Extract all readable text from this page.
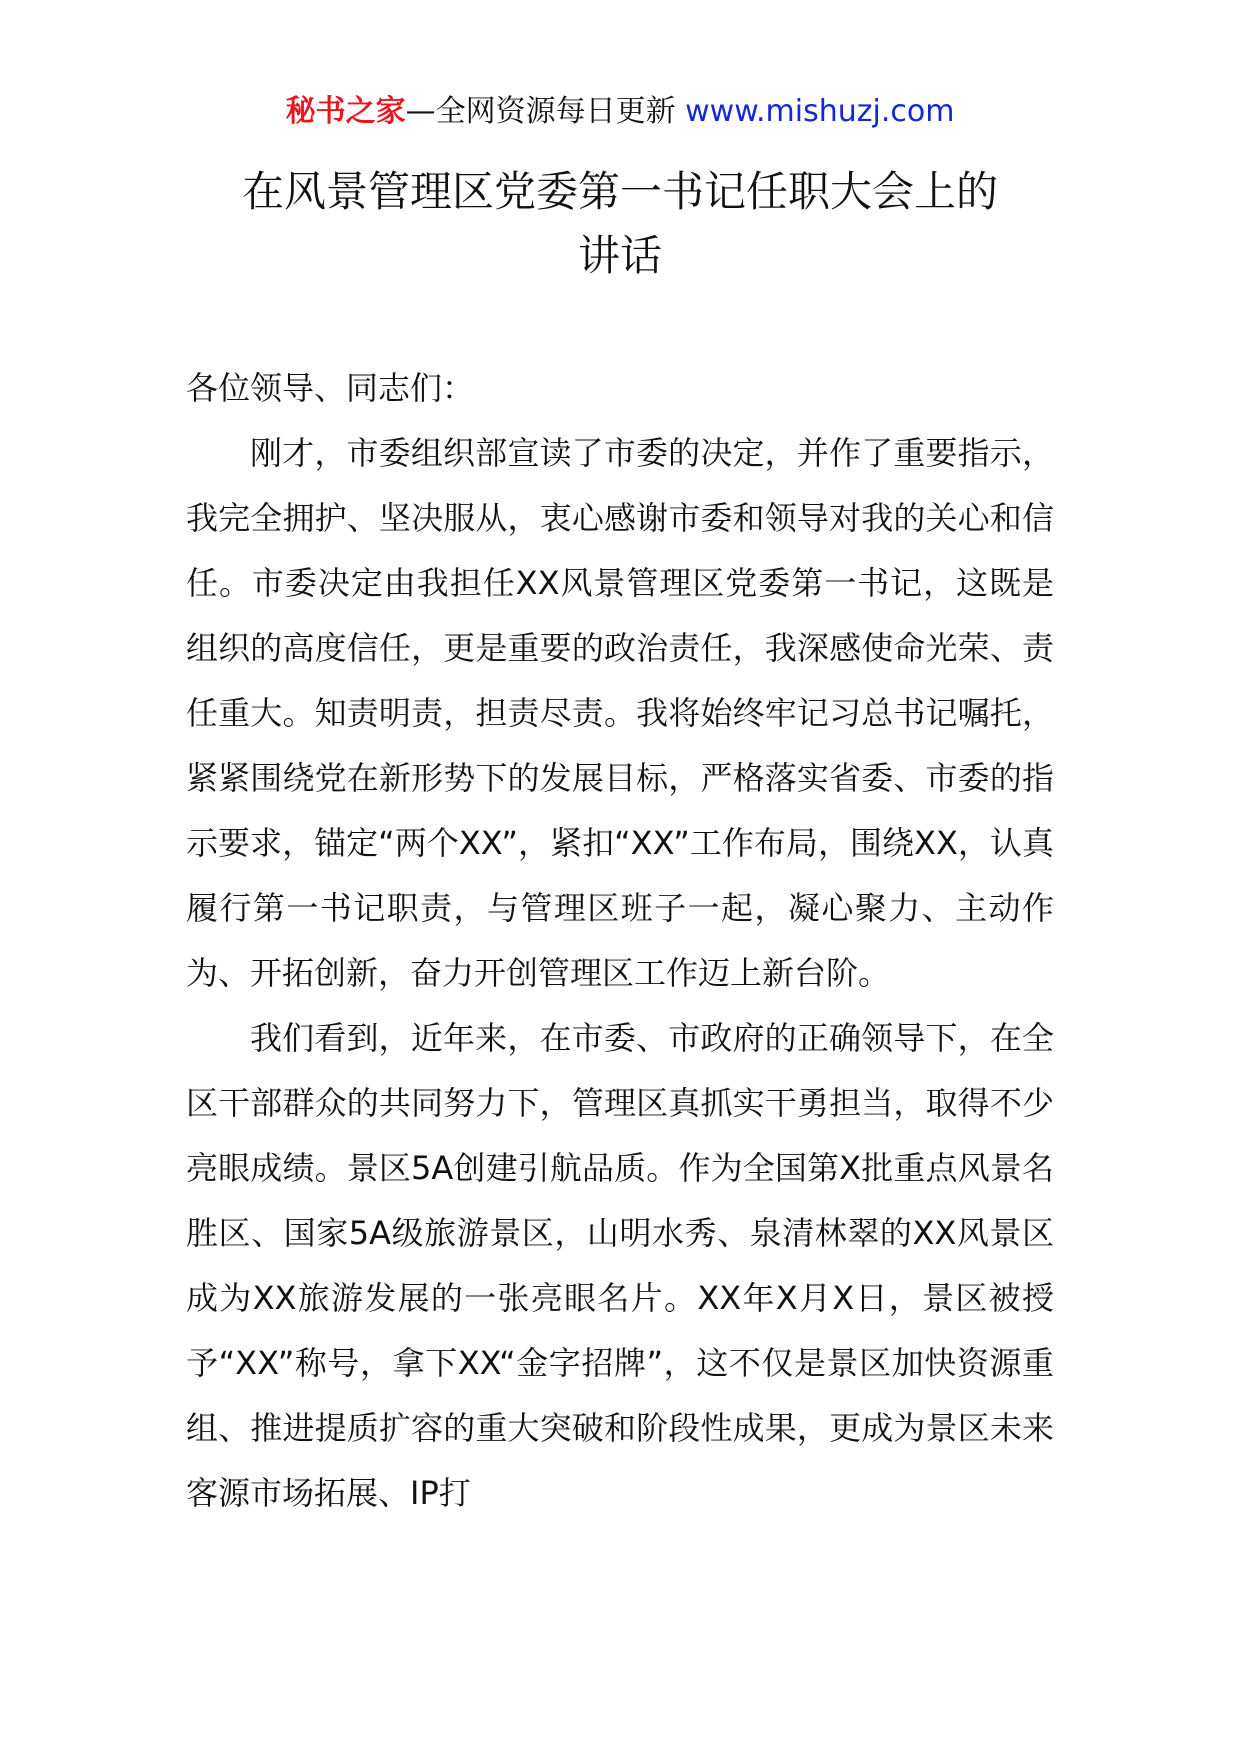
秘书之家—全网资源每日更新 www.mishuzj.com
在风景管理区党委第一书记任职大会上的
讲话

各位领导、同志们：

刚才，市委组织部宣读了市委的决定，并作了重要指示，我完全拥护、坚决服从，衷心感谢市委和领导对我的关心和信任。市委决定由我担任XX风景管理区党委第一书记，这既是组织的高度信任，更是重要的政治责任，我深感使命光荣、责任重大。知责明责，担责尽责。我将始终牢记习总书记嘱托，紧紧围绕党在新形势下的发展目标，严格落实省委、市委的指示要求，锚定“两个XX”，紧扣“XX”工作布局，围绕XX，认真履行第一书记职责，与管理区班子一起，凝心聚力、主动作为、开拓创新，奋力开创管理区工作迈上新台阶。

我们看到，近年来，在市委、市政府的正确领导下，在全区干部群众的共同努力下，管理区真抓实干勇担当，取得不少亮眼成绩。景区5A创建引航品质。作为全国第X批重点风景名胜区、国家5A级旅游景区，山明水秀、泉清林翠的XX风景区成为XX旅游发展的一张亮眼名片。XX年X月X日，景区被授予“XX”称号，拿下XX“金字招牌”，这不仅是景区加快资源重组、推进提质扩容的重大突破和阶段性成果，更成为景区未来客源市场拓展、IP打
